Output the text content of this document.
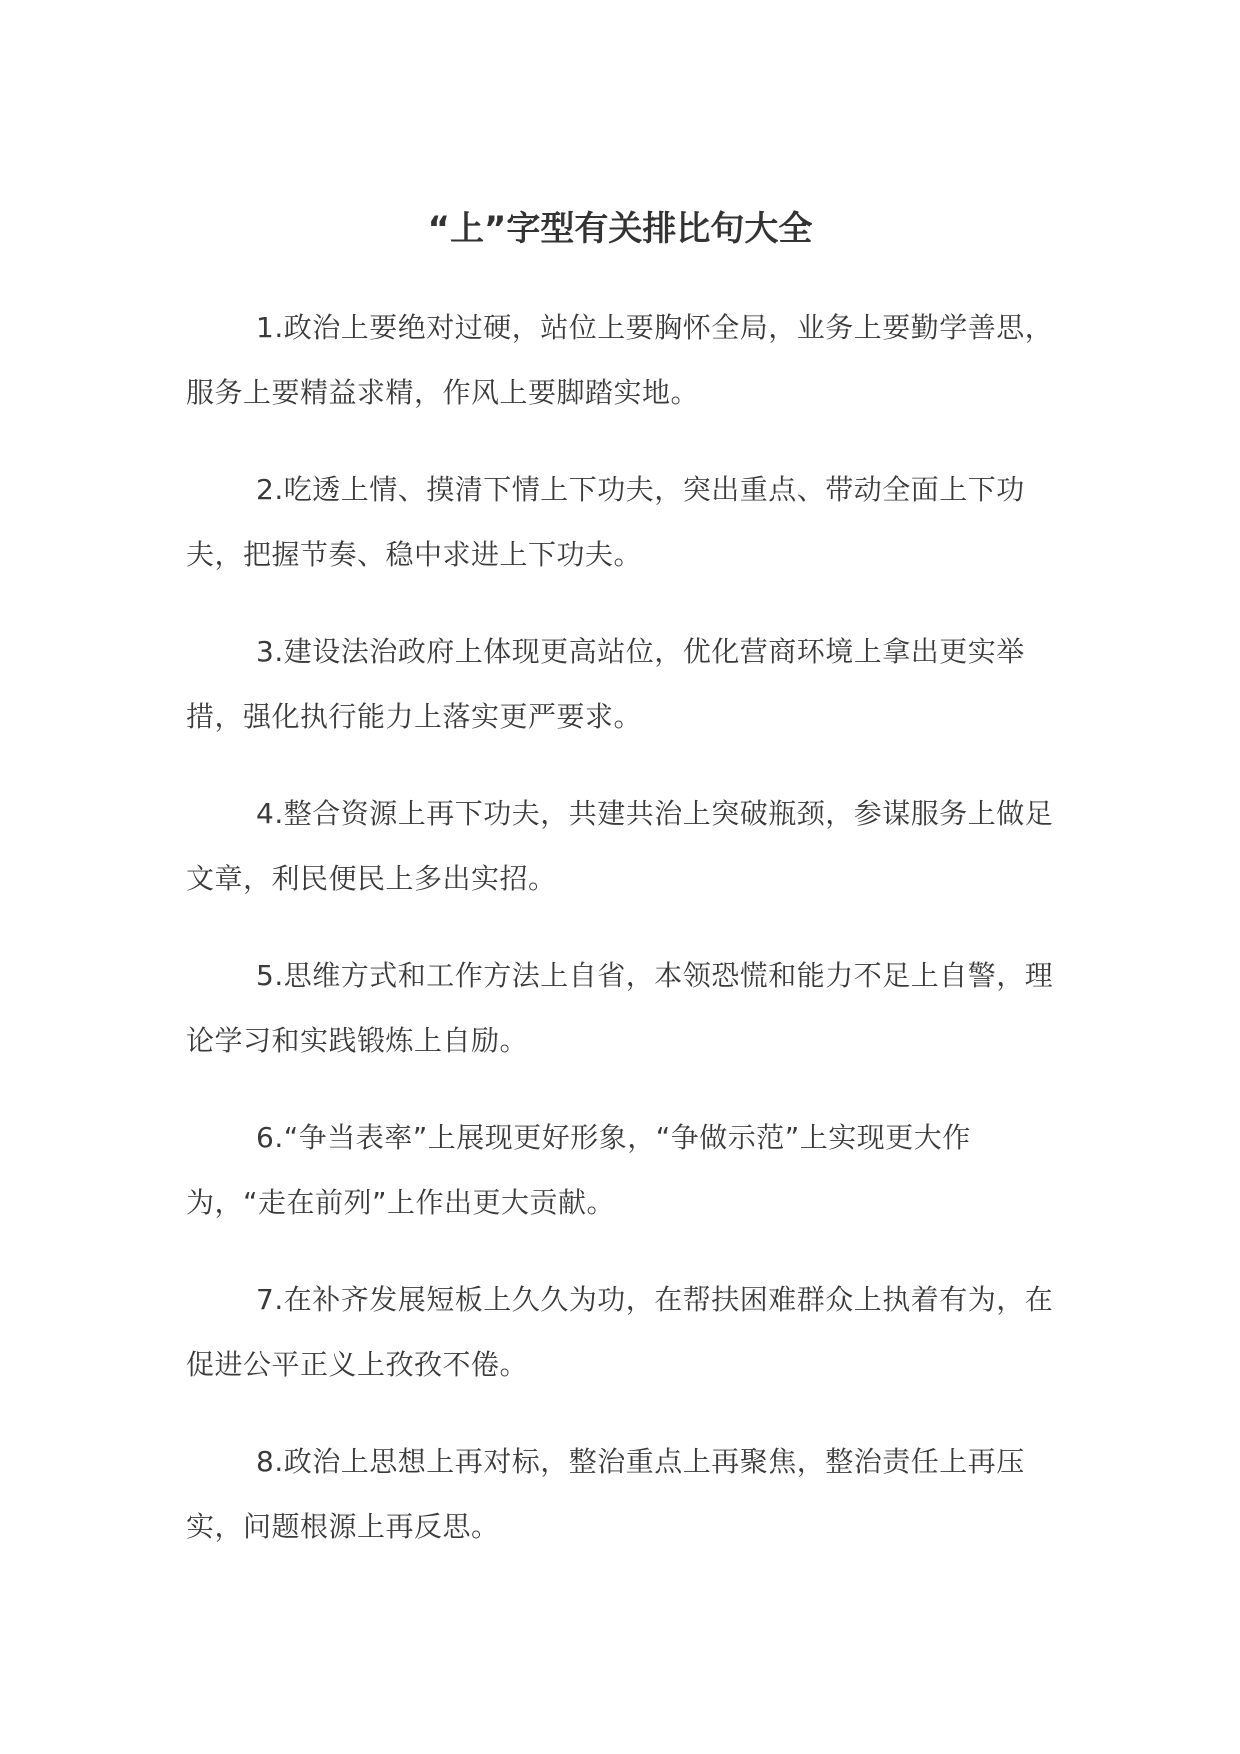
“上”字型有关排比句大全

1.政治上要绝对过硬，站位上要胸怀全局，业务上要勤学善思，服务上要精益求精，作风上要脚踏实地。

2.吃透上情、摸清下情上下功夫，突出重点、带动全面上下功夫，把握节奏、稳中求进上下功夫。

3.建设法治政府上体现更高站位，优化营商环境上拿出更实举措，强化执行能力上落实更严要求。

4.整合资源上再下功夫，共建共治上突破瓶颈，参谋服务上做足文章，利民便民上多出实招。

5.思维方式和工作方法上自省，本领恐慌和能力不足上自警，理论学习和实践锻炼上自励。

6.“争当表率”上展现更好形象，“争做示范”上实现更大作为，“走在前列”上作出更大贡献。

7.在补齐发展短板上久久为功，在帮扶困难群众上执着有为，在促进公平正义上孜孜不倦。

8.政治上思想上再对标，整治重点上再聚焦，整治责任上再压实，问题根源上再反思。
